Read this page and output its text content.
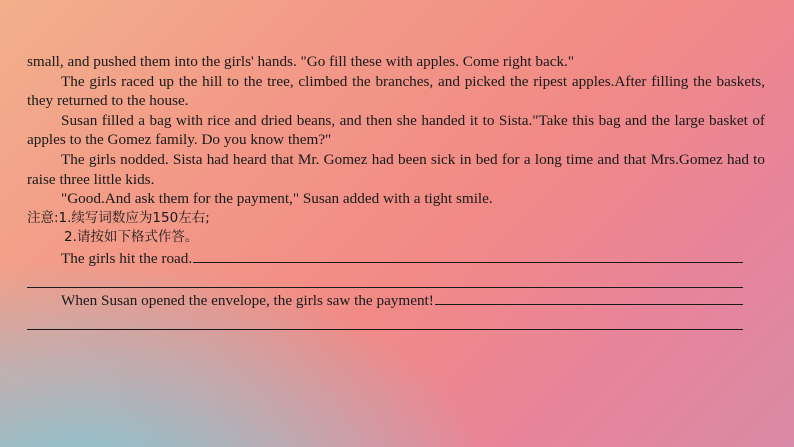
small, and pushed them into the girls' hands. "Go fill these with apples. Come right back."

The girls raced up the hill to the tree, climbed the branches, and picked the ripest apples.After filling the baskets, they returned to the house.

Susan filled a bag with rice and dried beans, and then she handed it to Sista."Take this bag and the large basket of apples to the Gomez family. Do you know them?"

The girls nodded. Sista had heard that Mr. Gomez had been sick in bed for a long time and that Mrs.Gomez had to raise three little kids.

"Good.And ask them for the payment," Susan added with a tight smile.

注意:1.续写词数应为150左右;

2.请按如下格式作答。

The girls hit the road.
When Susan opened the envelope, the girls saw the payment!
